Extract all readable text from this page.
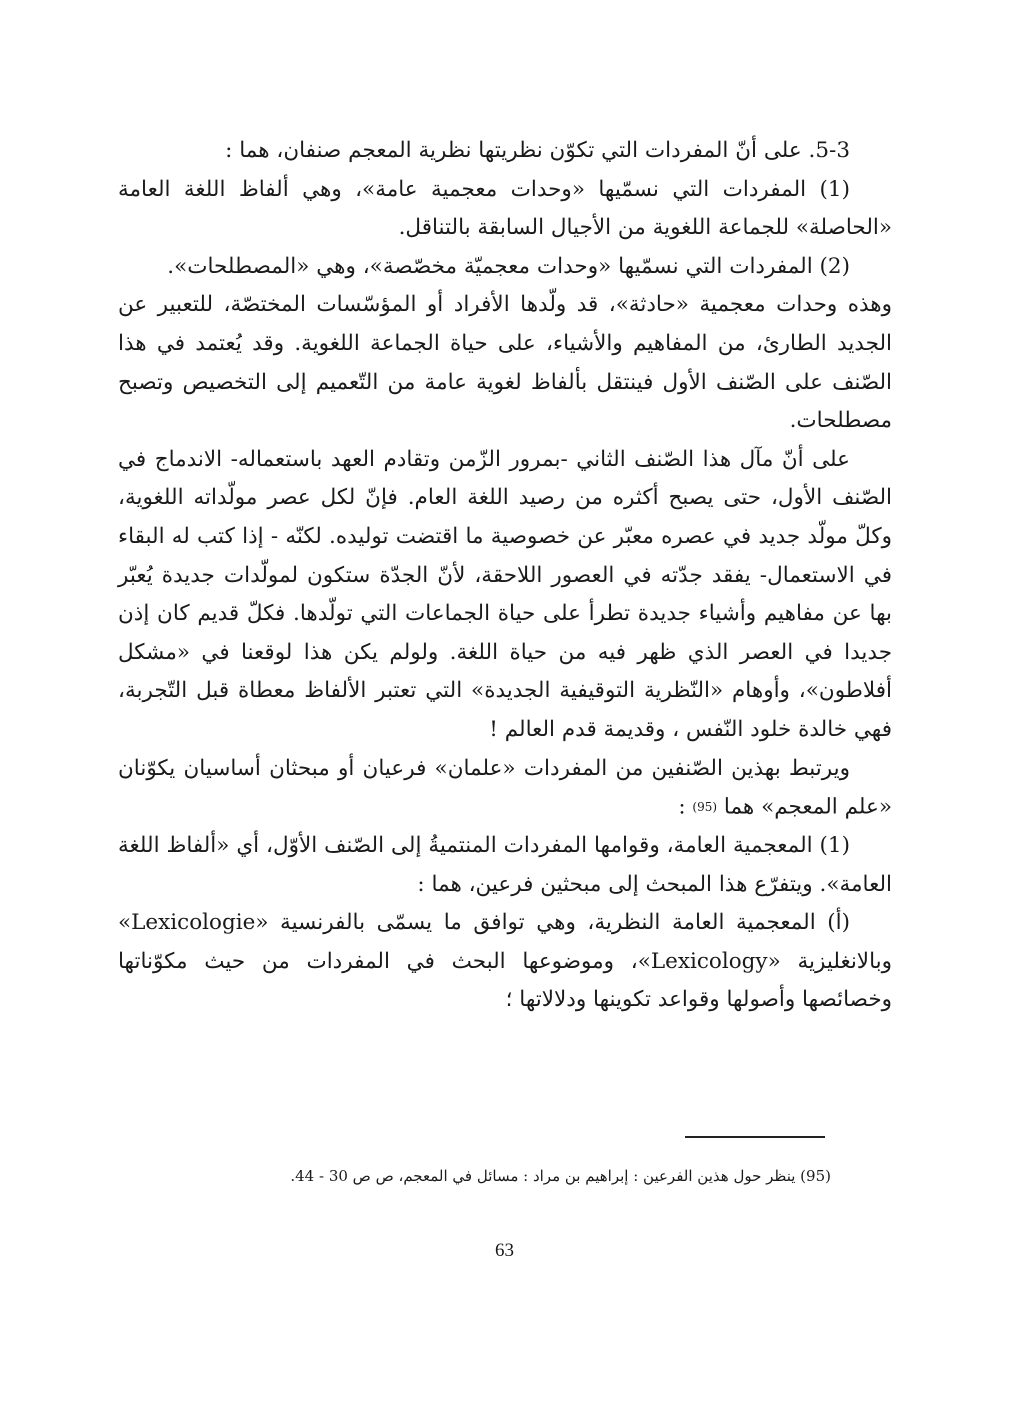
5-3. على أنّ المفردات التي تكوّن نظريتها نظرية المعجم صنفان، هما :

(1) المفردات التي نسمّيها «وحدات معجمية عامة»، وهي ألفاظ اللغة العامة «الحاصلة» للجماعة اللغوية من الأجيال السابقة بالتناقل.

(2) المفردات التي نسمّيها «وحدات معجميّة مخصّصة»، وهي «المصطلحات».

وهذه وحدات معجمية «حادثة»، قد ولّدها الأفراد أو المؤسّسات المختصّة، للتعبير عن الجديد الطارئ، من المفاهيم والأشياء، على حياة الجماعة اللغوية. وقد يُعتمد في هذا الصّنف على الصّنف الأول فينتقل بألفاظ لغوية عامة من التّعميم إلى التخصيص وتصبح مصطلحات.

على أنّ مآل هذا الصّنف الثاني -بمرور الزّمن وتقادم العهد باستعماله- الاندماج في الصّنف الأول، حتى يصبح أكثره من رصيد اللغة العام. فإنّ لكل عصر مولّداته اللغوية، وكلّ مولّد جديد في عصره معبّر عن خصوصية ما اقتضت توليده. لكنّه - إذا كتب له البقاء في الاستعمال- يفقد جدّته في العصور اللاحقة، لأنّ الجدّة ستكون لمولّدات جديدة يُعبّر بها عن مفاهيم وأشياء جديدة تطرأ على حياة الجماعات التي تولّدها. فكلّ قديم كان إذن جديدا في العصر الذي ظهر فيه من حياة اللغة. ولولم يكن هذا لوقعنا في «مشكل أفلاطون»، وأوهام «النّظرية التوقيفية الجديدة» التي تعتبر الألفاظ معطاة قبل التّجربة، فهي خالدة خلود النّفس ، وقديمة قدم العالم !

ويرتبط بهذين الصّنفين من المفردات «علمان» فرعيان أو مبحثان أساسيان يكوّنان «علم المعجم» هما (95) :

(1) المعجمية العامة، وقوامها المفردات المنتميةُ إلى الصّنف الأوّل، أي «ألفاظ اللغة العامة». ويتفرّع هذا المبحث إلى مبحثين فرعين، هما :

(أ) المعجمية العامة النظرية، وهي توافق ما يسمّى بالفرنسية «Lexicologie» وبالانغليزية «Lexicology»، وموضوعها البحث في المفردات من حيث مكوّناتها وخصائصها وأصولها وقواعد تكوينها ودلالاتها ؛

(95) ينظر حول هذين الفرعين : إبراهيم بن مراد : مسائل في المعجم، ص ص 30 - 44.
63
